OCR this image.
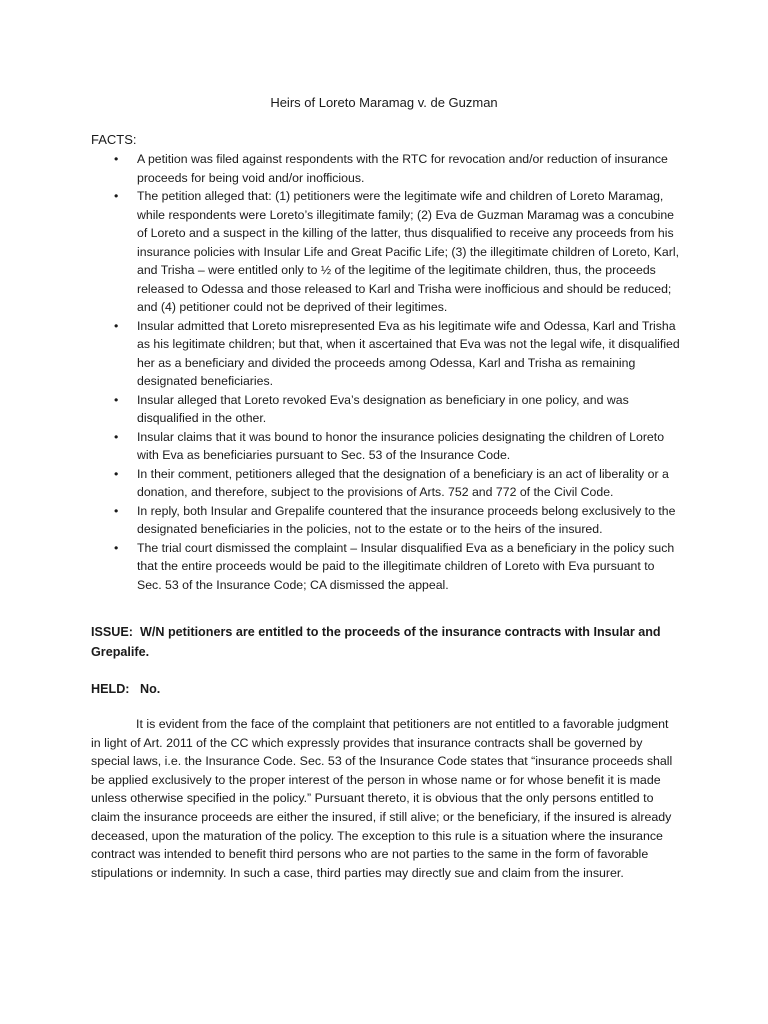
Heirs of Loreto Maramag v. de Guzman
FACTS:
• A petition was filed against respondents with the RTC for revocation and/or reduction of insurance proceeds for being void and/or inofficious.
• The petition alleged that: (1) petitioners were the legitimate wife and children of Loreto Maramag, while respondents were Loreto’s illegitimate family; (2) Eva de Guzman Maramag was a concubine of Loreto and a suspect in the killing of the latter, thus disqualified to receive any proceeds from his insurance policies with Insular Life and Great Pacific Life; (3) the illegitimate children of Loreto, Karl, and Trisha – were entitled only to ½ of the legitime of the legitimate children, thus, the proceeds released to Odessa and those released to Karl and Trisha were inofficious and should be reduced; and (4) petitioner could not be deprived of their legitimes.
• Insular admitted that Loreto misrepresented Eva as his legitimate wife and Odessa, Karl and Trisha as his legitimate children; but that, when it ascertained that Eva was not the legal wife, it disqualified her as a beneficiary and divided the proceeds among Odessa, Karl and Trisha as remaining designated beneficiaries.
• Insular alleged that Loreto revoked Eva’s designation as beneficiary in one policy, and was disqualified in the other.
• Insular claims that it was bound to honor the insurance policies designating the children of Loreto with Eva as beneficiaries pursuant to Sec. 53 of the Insurance Code.
• In their comment, petitioners alleged that the designation of a beneficiary is an act of liberality or a donation, and therefore, subject to the provisions of Arts. 752 and 772 of the Civil Code.
• In reply, both Insular and Grepalife countered that the insurance proceeds belong exclusively to the designated beneficiaries in the policies, not to the estate or to the heirs of the insured.
• The trial court dismissed the complaint – Insular disqualified Eva as a beneficiary in the policy such that the entire proceeds would be paid to the illegitimate children of Loreto with Eva pursuant to Sec. 53 of the Insurance Code; CA dismissed the appeal.
ISSUE: W/N petitioners are entitled to the proceeds of the insurance contracts with Insular and Grepalife.
HELD: No.

It is evident from the face of the complaint that petitioners are not entitled to a favorable judgment in light of Art. 2011 of the CC which expressly provides that insurance contracts shall be governed by special laws, i.e. the Insurance Code. Sec. 53 of the Insurance Code states that “insurance proceeds shall be applied exclusively to the proper interest of the person in whose name or for whose benefit it is made unless otherwise specified in the policy.” Pursuant thereto, it is obvious that the only persons entitled to claim the insurance proceeds are either the insured, if still alive; or the beneficiary, if the insured is already deceased, upon the maturation of the policy. The exception to this rule is a situation where the insurance contract was intended to benefit third persons who are not parties to the same in the form of favorable stipulations or indemnity. In such a case, third parties may directly sue and claim from the insurer.
